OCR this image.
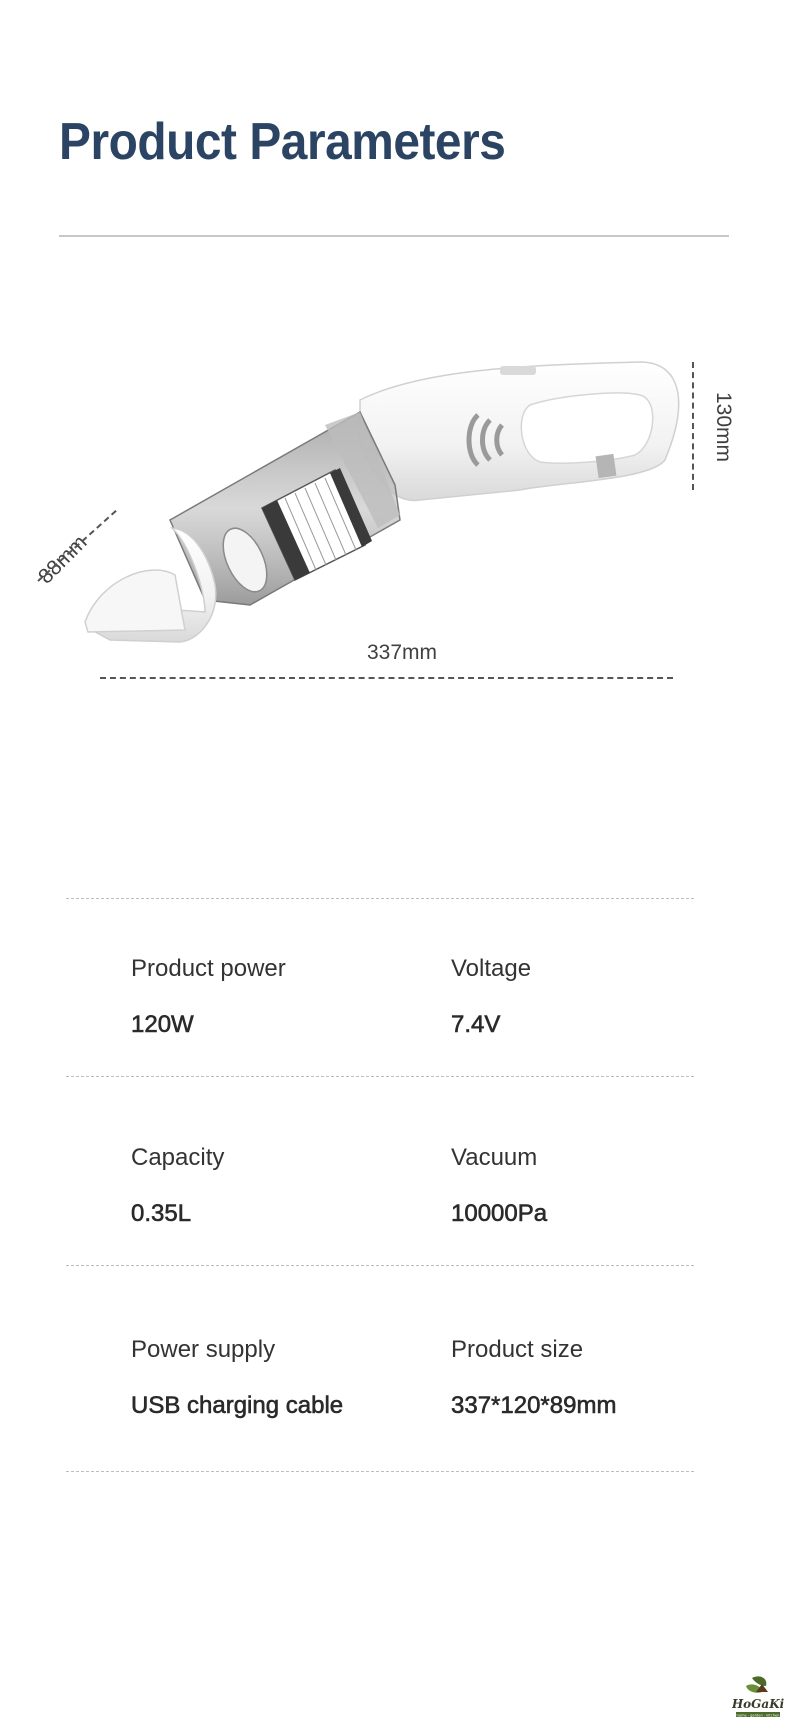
Product Parameters
337mm
130mm
88mm
Product power
120W
Voltage
7.4V
Capacity
0.35L
Vacuum
10000Pa
Power supply
USB charging cable
Product size
337*120*89mm
HoGaKi
home · garden · kitchen
